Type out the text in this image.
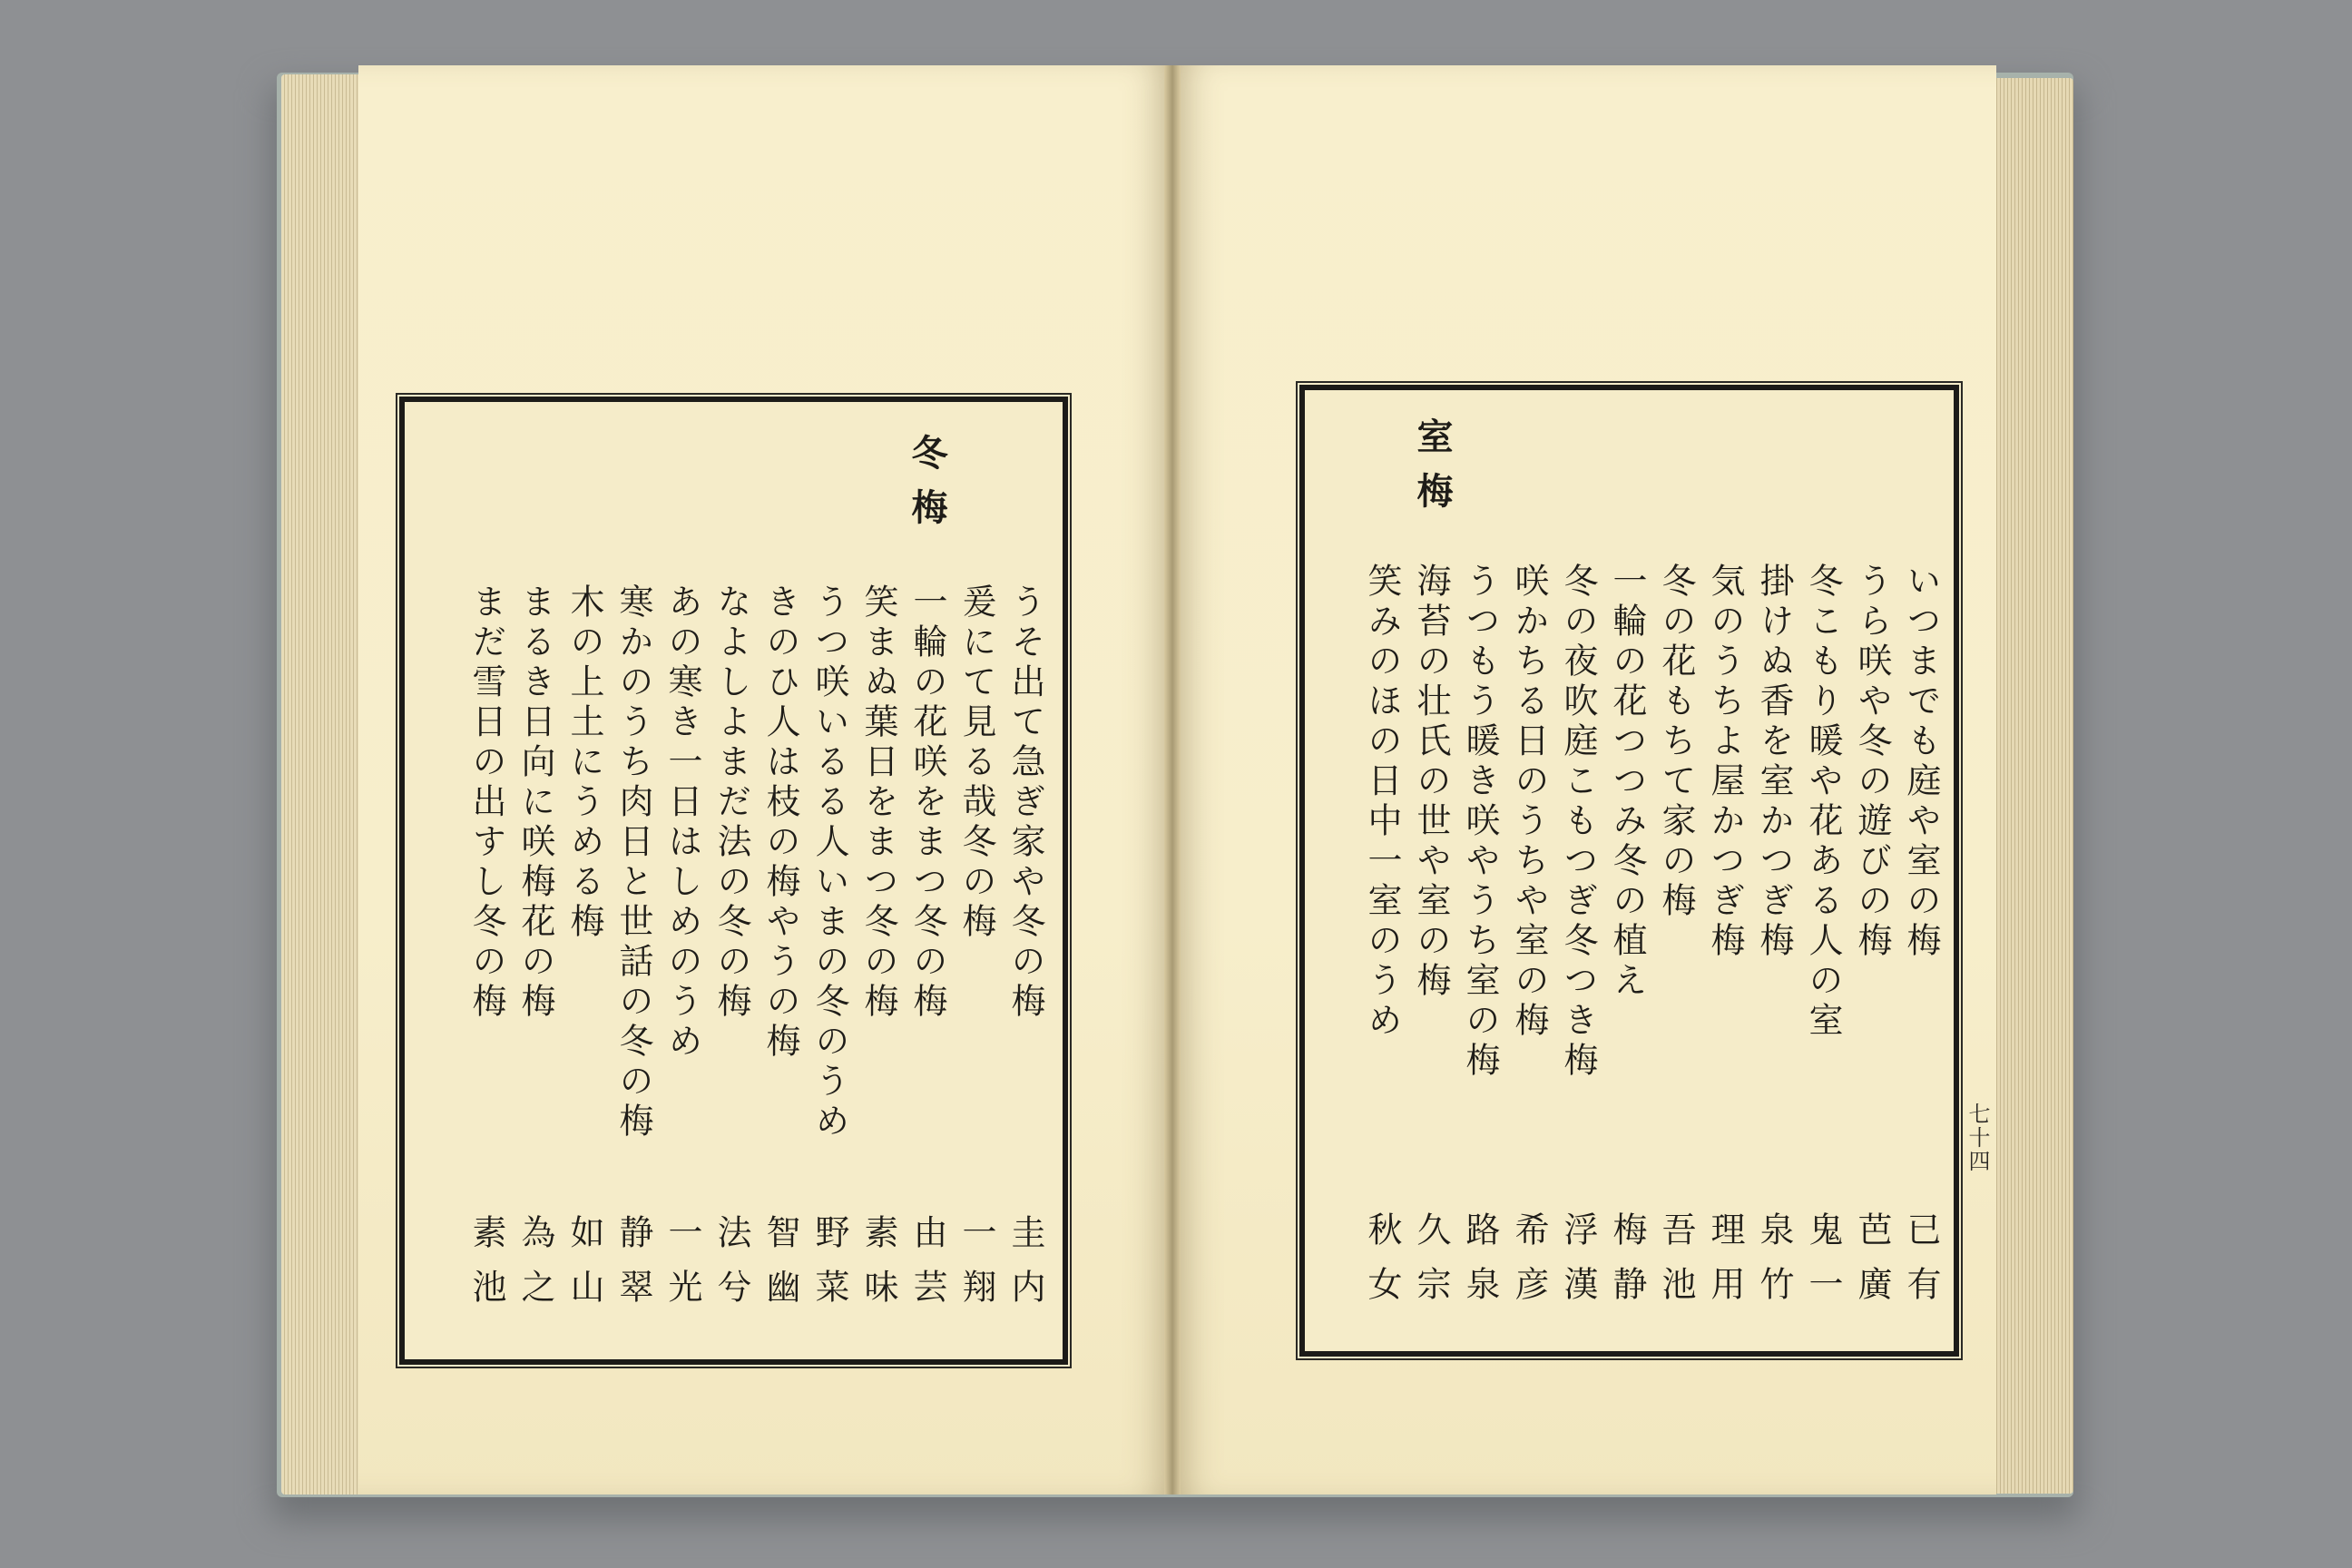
冬梅
うそ出て急ぎ家や冬の梅
圭内
爰にて見る哉冬の梅
一翔
一輪の花咲をまつ冬の梅
由芸
笑まぬ葉日をまつ冬の梅
素味
うつ咲いるる人いまの冬のうめ
野菜
きのひ人は枝の梅やうの梅
智幽
なよしよまだ法の冬の梅
法兮
あの寒き一日はしめのうめ
一光
寒かのうち肉日と世話の冬の梅
静翠
木の上土にうめる梅
如山
まるき日向に咲梅花の梅
為之
まだ雪日の出すし冬の梅
素池
室梅
いつまでも庭や室の梅
已有
うら咲や冬の遊びの梅
芭廣
冬こもり暖や花ある人の室
鬼一
掛けぬ香を室かつぎ梅
泉竹
気のうちよ屋かつぎ梅
理用
冬の花もちて家の梅
吾池
一輪の花つつみ冬の植え
梅静
冬の夜吹庭こもつぎ冬つき梅
浮漢
咲かちる日のうちや室の梅
希彦
うつもう暖き咲やうち室の梅
路泉
海苔の壮氏の世や室の梅
久宗
笑みのほの日中一室のうめ
秋女
七十四
